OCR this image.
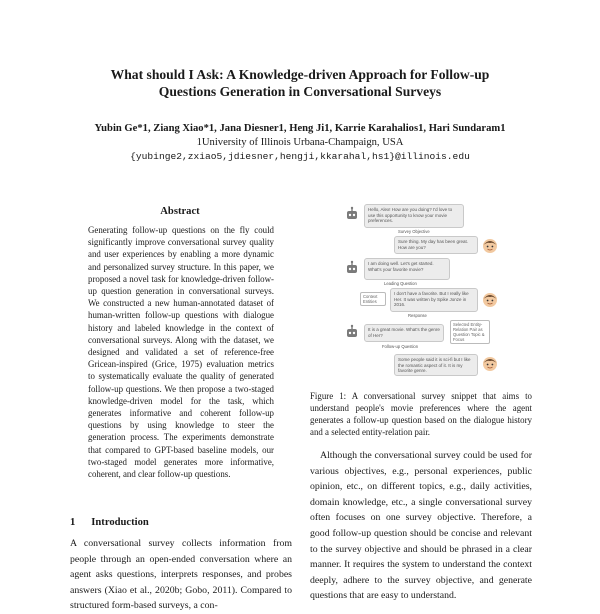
What should I Ask: A Knowledge-driven Approach for Follow-up
Questions Generation in Conversational Surveys
Yubin Ge*1, Ziang Xiao*1, Jana Diesner1, Heng Ji1, Karrie Karahalios1, Hari Sundaram1
1University of Illinois Urbana-Champaign, USA
{yubinge2,zxiao5,jdiesner,hengji,kkarahal,hs1}@illinois.edu
Abstract
Generating follow-up questions on the fly could significantly improve conversational survey quality and user experiences by enabling a more dynamic and personalized survey structure. In this paper, we proposed a novel task for knowledge-driven follow-up question generation in conversational surveys. We constructed a new human-annotated dataset of human-written follow-up questions with dialogue history and labeled knowledge in the context of conversational surveys. Along with the dataset, we designed and validated a set of reference-free Gricean-inspired (Grice, 1975) evaluation metrics to systematically evaluate the quality of generated follow-up questions. We then propose a two-staged knowledge-driven model for the task, which generates informative and coherent follow-up questions by using knowledge to steer the generation process. The experiments demonstrate that compared to GPT-based baseline models, our two-staged model generates more informative, coherent, and clear follow-up questions.
1 Introduction
A conversational survey collects information from people through an open-ended conversation where an agent asks questions, interprets responses, and probes answers (Xiao et al., 2020b; Gobo, 2011). Compared to structured form-based surveys, a con-
Hello, Alex! How are you doing? I'd love to use this opportunity to know your movie preferences.
Survey Objective
Sure thing. My day has been great. How are you?
I am doing well. Let's get started. What's your favorite movie?
Leading Question
Context Entities
I don't have a favorite. But I really like Her. It was written by Spike Jonze in 2016.
Response
It is a great movie. What's the genre of Her?
Selected Entity-Relation Pair as Question Topic & Focus
Follow-up Question
Some people said it is sci-fi but I like the romantic aspect of it. It is my favorite genre.
Figure 1: A conversational survey snippet that aims to understand people's movie preferences where the agent generates a follow-up question based on the dialogue history and a selected entity-relation pair.

Although the conversational survey could be used for various objectives, e.g., personal experiences, public opinion, etc., on different topics, e.g., daily activities, domain knowledge, etc., a single conversational survey often focuses on one survey objective. Therefore, a good follow-up question should be concise and relevant to the survey objective and should be phrased in a clear manner. It requires the system to understand the context deeply, adhere to the survey objective, and generate questions that are easy to understand.
